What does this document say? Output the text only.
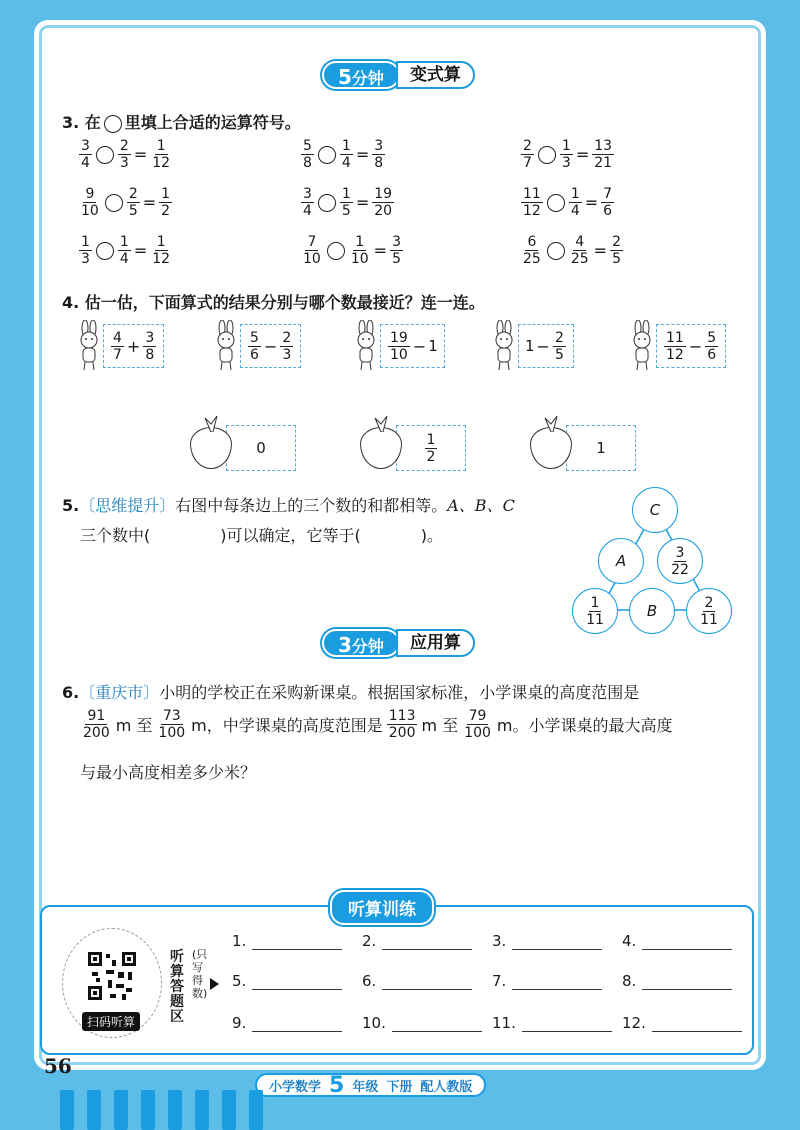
5分钟	变式算
3. 在 里填上合适的运算符号。
$\frac{3}{4} \frac{2}{3} = \frac{1}{12}$	$\frac{5}{8} \frac{1}{4} = \frac{3}{8}$	$\frac{2}{7} \frac{1}{3} = \frac{13}{21}$
$\frac{9}{10} \frac{2}{5} = \frac{1}{2}$	$\frac{3}{4} \frac{1}{5} = \frac{19}{20}$	$\frac{11}{12} \frac{1}{4} = \frac{7}{6}$
$\frac{1}{3} \frac{1}{4} = \frac{1}{12}$	$\frac{7}{10} \frac{1}{10} = \frac{3}{5}$	$\frac{6}{25} \frac{4}{25} = \frac{2}{5}$
4. 估一估，下面算式的结果分别与哪个数最接近？连一连。
$\frac{4}{7} + \frac{3}{8}$	$\frac{5}{6} - \frac{2}{3}$	$\frac{19}{10} - 1$	$1 - \frac{2}{5}$	$\frac{11}{12} - \frac{5}{6}$
0	$\frac{1}{2}$	1
5.〔思维提升〕右图中每条边上的三个数的和都相等。A、B、C
三个数中(	)可以确定，它等于(	)。
C
A	$\frac{3}{22}$
$\frac{1}{11}$	B	$\frac{2}{11}$
3分钟	应用算
6.〔重庆市〕小明的学校正在采购新课桌。根据国家标准，小学课桌的高度范围是
$\frac{91}{200}$ m 至 $\frac{73}{100}$ m，中学课桌的高度范围是 $\frac{113}{200}$ m 至 $\frac{79}{100}$ m。小学课桌的最大高度
与最小高度相差多少米？
听算训练
扫码听算
听算答题区
(只写得数)
1.	2.	3.	4.
5.	6.	7.	8.
9.	10.	11.	12.
56
小学数学 5 年级 下册 配人教版
